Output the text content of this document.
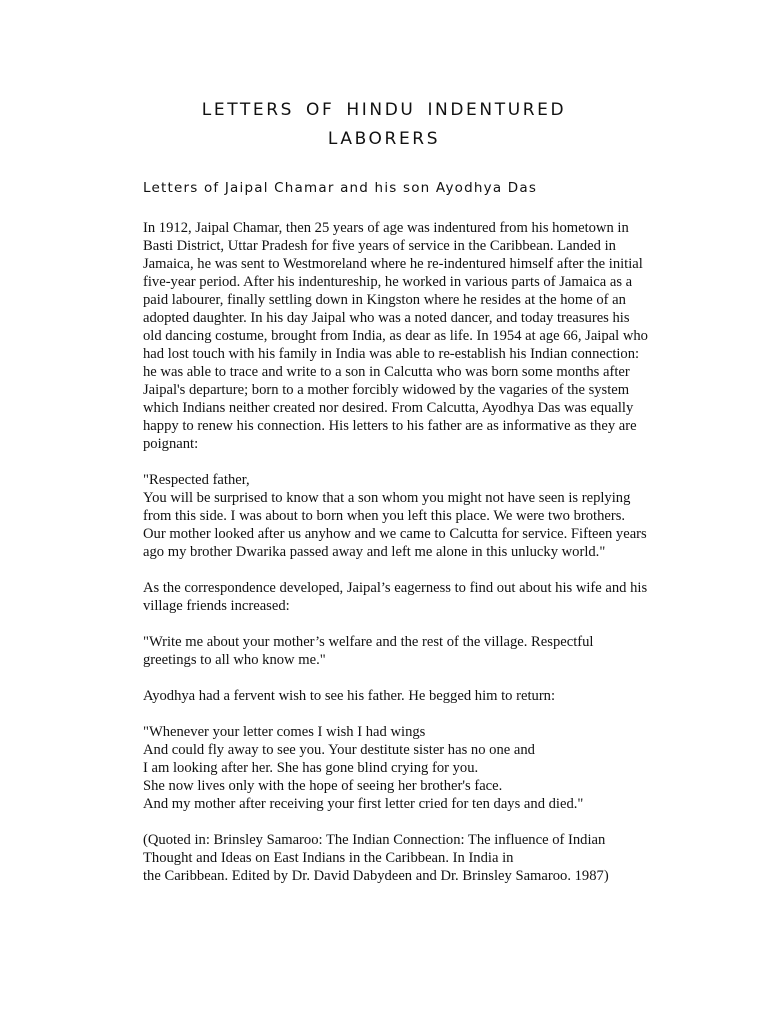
LETTERS OF HINDU INDENTURED
LABORERS
Letters of Jaipal Chamar and his son Ayodhya Das
In 1912, Jaipal Chamar, then 25 years of age was indentured from his hometown in
Basti District, Uttar Pradesh for five years of service in the Caribbean. Landed in
Jamaica, he was sent to Westmoreland where he re-indentured himself after the initial
five-year period. After his indentureship, he worked in various parts of Jamaica as a
paid labourer, finally settling down in Kingston where he resides at the home of an
adopted daughter. In his day Jaipal who was a noted dancer, and today treasures his
old dancing costume, brought from India, as dear as life. In 1954 at age 66, Jaipal who
had lost touch with his family in India was able to re-establish his Indian connection:
he was able to trace and write to a son in Calcutta who was born some months after
Jaipal's departure; born to a mother forcibly widowed by the vagaries of the system
which Indians neither created nor desired. From Calcutta, Ayodhya Das was equally
happy to renew his connection. His letters to his father are as informative as they are
poignant:
"Respected father,
You will be surprised to know that a son whom you might not have seen is replying
from this side. I was about to born when you left this place. We were two brothers.
Our mother looked after us anyhow and we came to Calcutta for service. Fifteen years
ago my brother Dwarika passed away and left me alone in this unlucky world."
As the correspondence developed, Jaipal’s eagerness to find out about his wife and his
village friends increased:
"Write me about your mother’s welfare and the rest of the village. Respectful
greetings to all who know me."
Ayodhya had a fervent wish to see his father. He begged him to return:
"Whenever your letter comes I wish I had wings
And could fly away to see you. Your destitute sister has no one and
I am looking after her. She has gone blind crying for you.
She now lives only with the hope of seeing her brother's face.
And my mother after receiving your first letter cried for ten days and died."
(Quoted in: Brinsley Samaroo: The Indian Connection: The influence of Indian
Thought and Ideas on East Indians in the Caribbean. In India in
the Caribbean. Edited by Dr. David Dabydeen and Dr. Brinsley Samaroo. 1987)
